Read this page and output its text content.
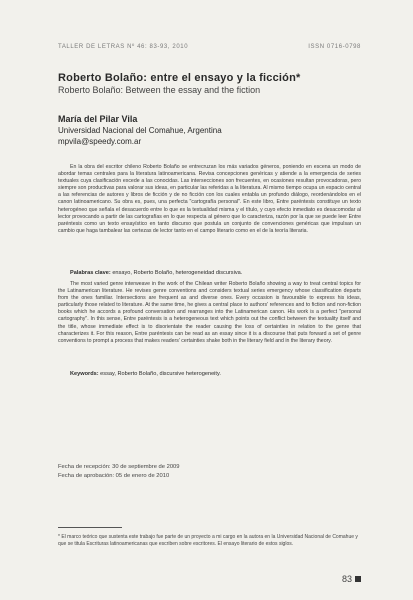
TALLER DE LETRAS Nº 46: 83-93, 2010	ISSN 0716-0798
Roberto Bolaño: entre el ensayo y la ficción*
Roberto Bolaño: Between the essay and the fiction
María del Pilar Vila
Universidad Nacional del Comahue, Argentina
mpvila@speedy.com.ar

En la obra del escritor chileno Roberto Bolaño se entrecruzan los más variados géneros, poniendo en escena un modo de abordar temas centrales para la literatura latinoamericana. Revisa concepciones genéricas y atiende a la emergencia de series textuales cuya clasificación excede a las conocidas. Las intersecciones son frecuentes, en ocasiones resultan provocadoras, pero siempre son productivas para valorar sus ideas, en particular las referidas a la literatura. Al mismo tiempo ocupa un espacio central a las referencias de autores y libros de ficción y de no ficción con los cuales entabla un profundo diálogo, reordenándolos en el canon latinoamericano. Su obra es, pues, una perfecta "cartografía personal". En este libro, Entre paréntesis constituye un texto heterogéneo que señala el desacuerdo entre lo que es la textualidad misma y el título, y cuyo efecto inmediato es desacomodar al lector provocando a partir de las cartografías en lo que respecta al género que lo caracteriza, razón por la que se puede leer Entre paréntesis como un texto ensayístico en tanto discurso que postula un conjunto de convenciones genéricas que impulsan un cambio que haga tambalear las certezas de lector tanto en el campo literario como en el de la teoría literaria.

Palabras clave: ensayo, Roberto Bolaño, heterogeneidad discursiva.

The most varied genre interweave in the work of the Chilean writer Roberto Bolaño showing a way to treat central topics for the Latinamerican literature. He revises genre conventions and considers textual series emergency whose classification departs from the ones familiar. Intersections are frequent as and diverse ones. Every occasion is favourable to express his ideas, particularly those related to literature. At the same time, he gives a central place to authors' references and to fiction and non-fiction books which he accords a profound conversation and rearranges into the Latinamerican canon. His work is a perfect "personal cartography". In this sense, Entre paréntesis is a heterogeneous text which points out the conflict between the textuality itself and the title, whose immediate effect is to disorientate the reader causing the loss of certainties in relation to the genre that characterizes it. For this reason, Entre paréntesis can be read as an essay since it is a discourse that puts forward a set of genre conventions to prompt a process that makes readers' certainties shake both in the literary field and in the literary theory.

Keywords: essay, Roberto Bolaño, discursive heterogeneity.
Fecha de recepción: 30 de septiembre de 2009
Fecha de aprobación: 05 de enero de 2010
* El marco teórico que sustenta este trabajo fue parte de un proyecto a mi cargo en la autora en la Universidad Nacional de Comahue y que se titula Escrituras latinoamericanas que escriben sobre escritores. El ensayo literario de estos siglos.
83
